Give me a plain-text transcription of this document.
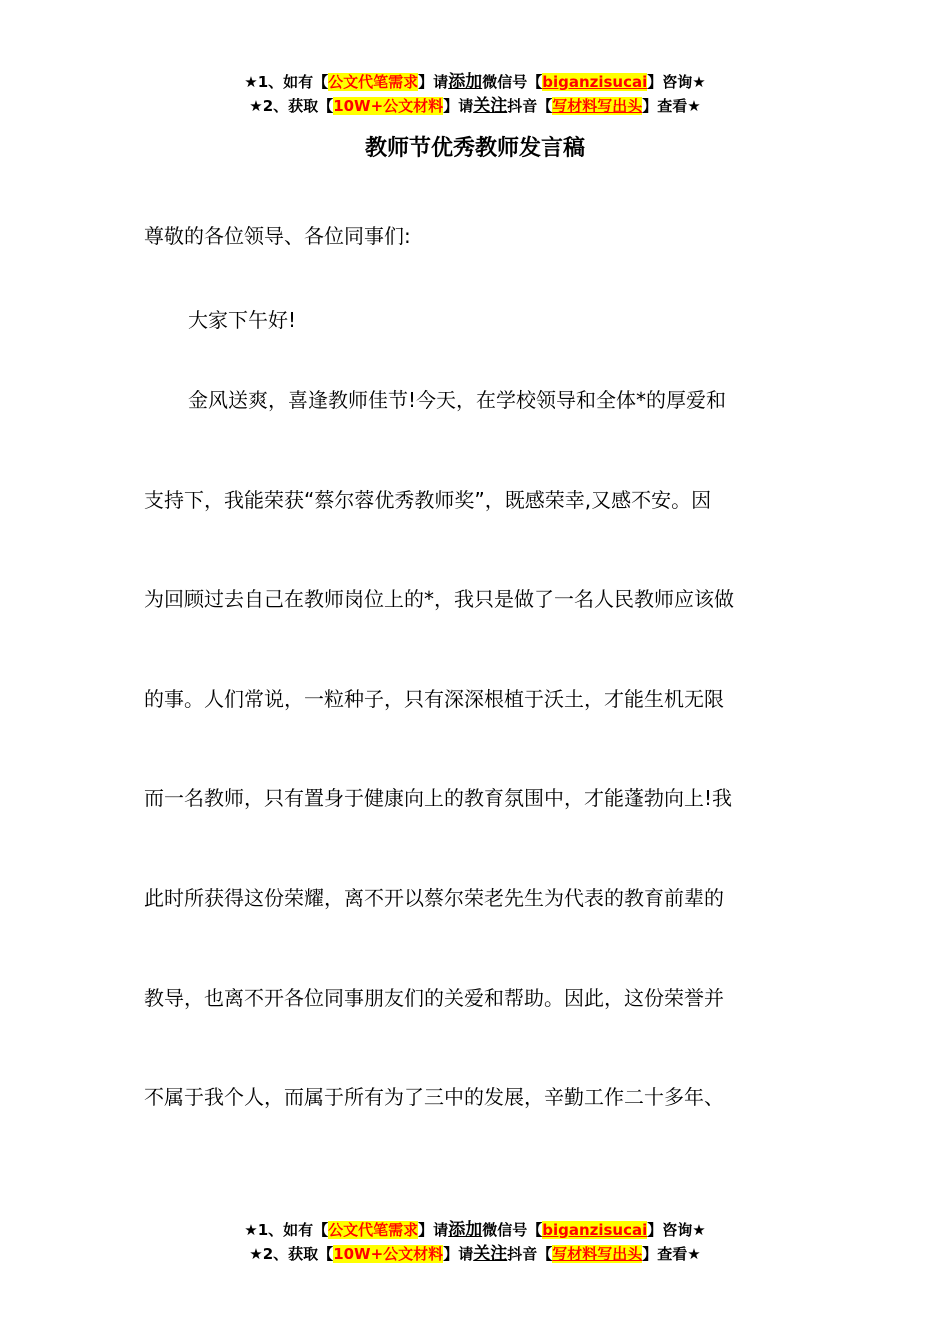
★1、如有【公文代笔需求】请添加微信号【biganzisucai】咨询★
★2、获取【10W+公文材料】请关注抖音【写材料写出头】查看★
教师节优秀教师发言稿
尊敬的各位领导、各位同事们:
大家下午好!
金风送爽，喜逢教师佳节!今天，在学校领导和全体*的厚爱和
支持下，我能荣获“蔡尔蓉优秀教师奖”，既感荣幸,又感不安。因
为回顾过去自己在教师岗位上的*，我只是做了一名人民教师应该做
的事。人们常说，一粒种子，只有深深根植于沃土，才能生机无限
而一名教师，只有置身于健康向上的教育氛围中，才能蓬勃向上!我
此时所获得这份荣耀，离不开以蔡尔荣老先生为代表的教育前辈的
教导，也离不开各位同事朋友们的关爱和帮助。因此，这份荣誉并
不属于我个人，而属于所有为了三中的发展，辛勤工作二十多年、
★1、如有【公文代笔需求】请添加微信号【biganzisucai】咨询★
★2、获取【10W+公文材料】请关注抖音【写材料写出头】查看★
